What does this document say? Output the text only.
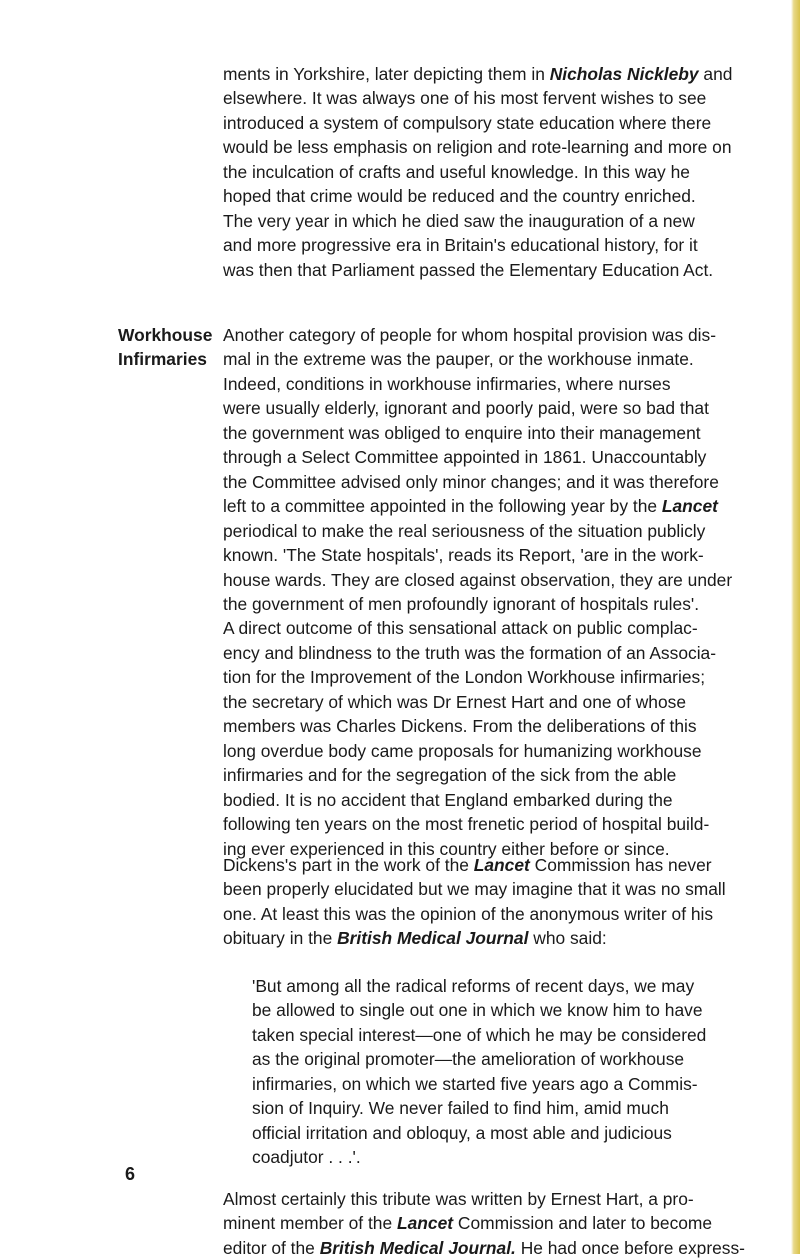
Workhouse
Infirmaries
ments in Yorkshire, later depicting them in Nicholas Nickleby and
elsewhere. It was always one of his most fervent wishes to see
introduced a system of compulsory state education where there
would be less emphasis on religion and rote-learning and more on
the inculcation of crafts and useful knowledge. In this way he
hoped that crime would be reduced and the country enriched.
The very year in which he died saw the inauguration of a new
and more progressive era in Britain's educational history, for it
was then that Parliament passed the Elementary Education Act.
Another category of people for whom hospital provision was dis-
mal in the extreme was the pauper, or the workhouse inmate.
Indeed, conditions in workhouse infirmaries, where nurses
were usually elderly, ignorant and poorly paid, were so bad that
the government was obliged to enquire into their management
through a Select Committee appointed in 1861. Unaccountably
the Committee advised only minor changes; and it was therefore
left to a committee appointed in the following year by the Lancet
periodical to make the real seriousness of the situation publicly
known. 'The State hospitals', reads its Report, 'are in the work-
house wards. They are closed against observation, they are under
the government of men profoundly ignorant of hospitals rules'.
A direct outcome of this sensational attack on public complac-
ency and blindness to the truth was the formation of an Associa-
tion for the Improvement of the London Workhouse infirmaries;
the secretary of which was Dr Ernest Hart and one of whose
members was Charles Dickens. From the deliberations of this
long overdue body came proposals for humanizing workhouse
infirmaries and for the segregation of the sick from the able
bodied. It is no accident that England embarked during the
following ten years on the most frenetic period of hospital build-
ing ever experienced in this country either before or since.
Dickens's part in the work of the Lancet Commission has never
been properly elucidated but we may imagine that it was no small
one. At least this was the opinion of the anonymous writer of his
obituary in the British Medical Journal who said:
'But among all the radical reforms of recent days, we may
be allowed to single out one in which we know him to have
taken special interest—one of which he may be considered
as the original promoter—the amelioration of workhouse
infirmaries, on which we started five years ago a Commis-
sion of Inquiry. We never failed to find him, amid much
official irritation and obloquy, a most able and judicious
coadjutor . . .'.
Almost certainly this tribute was written by Ernest Hart, a pro-
minent member of the Lancet Commission and later to become
editor of the British Medical Journal. He had once before express-
6
